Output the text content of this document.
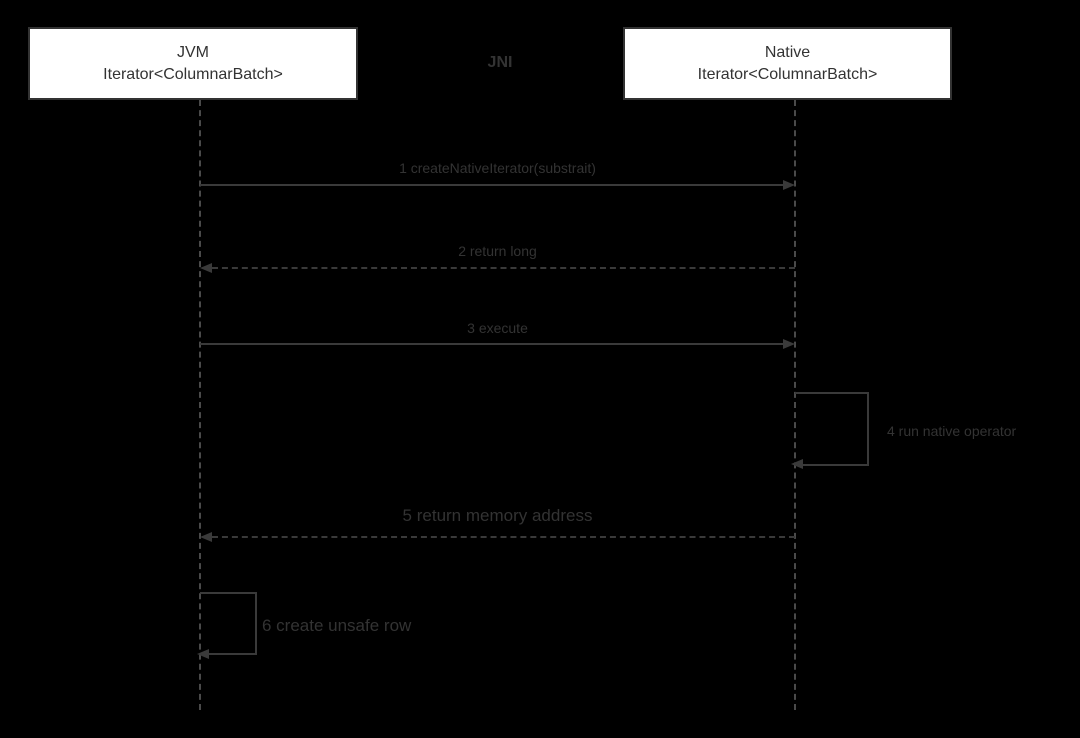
JVM
Iterator<ColumnarBatch>
JNI
Native
Iterator<ColumnarBatch>
1 createNativeIterator(substrait)
2 return long
3 execute
4 run native operator
5 return memory address
6 create unsafe row
